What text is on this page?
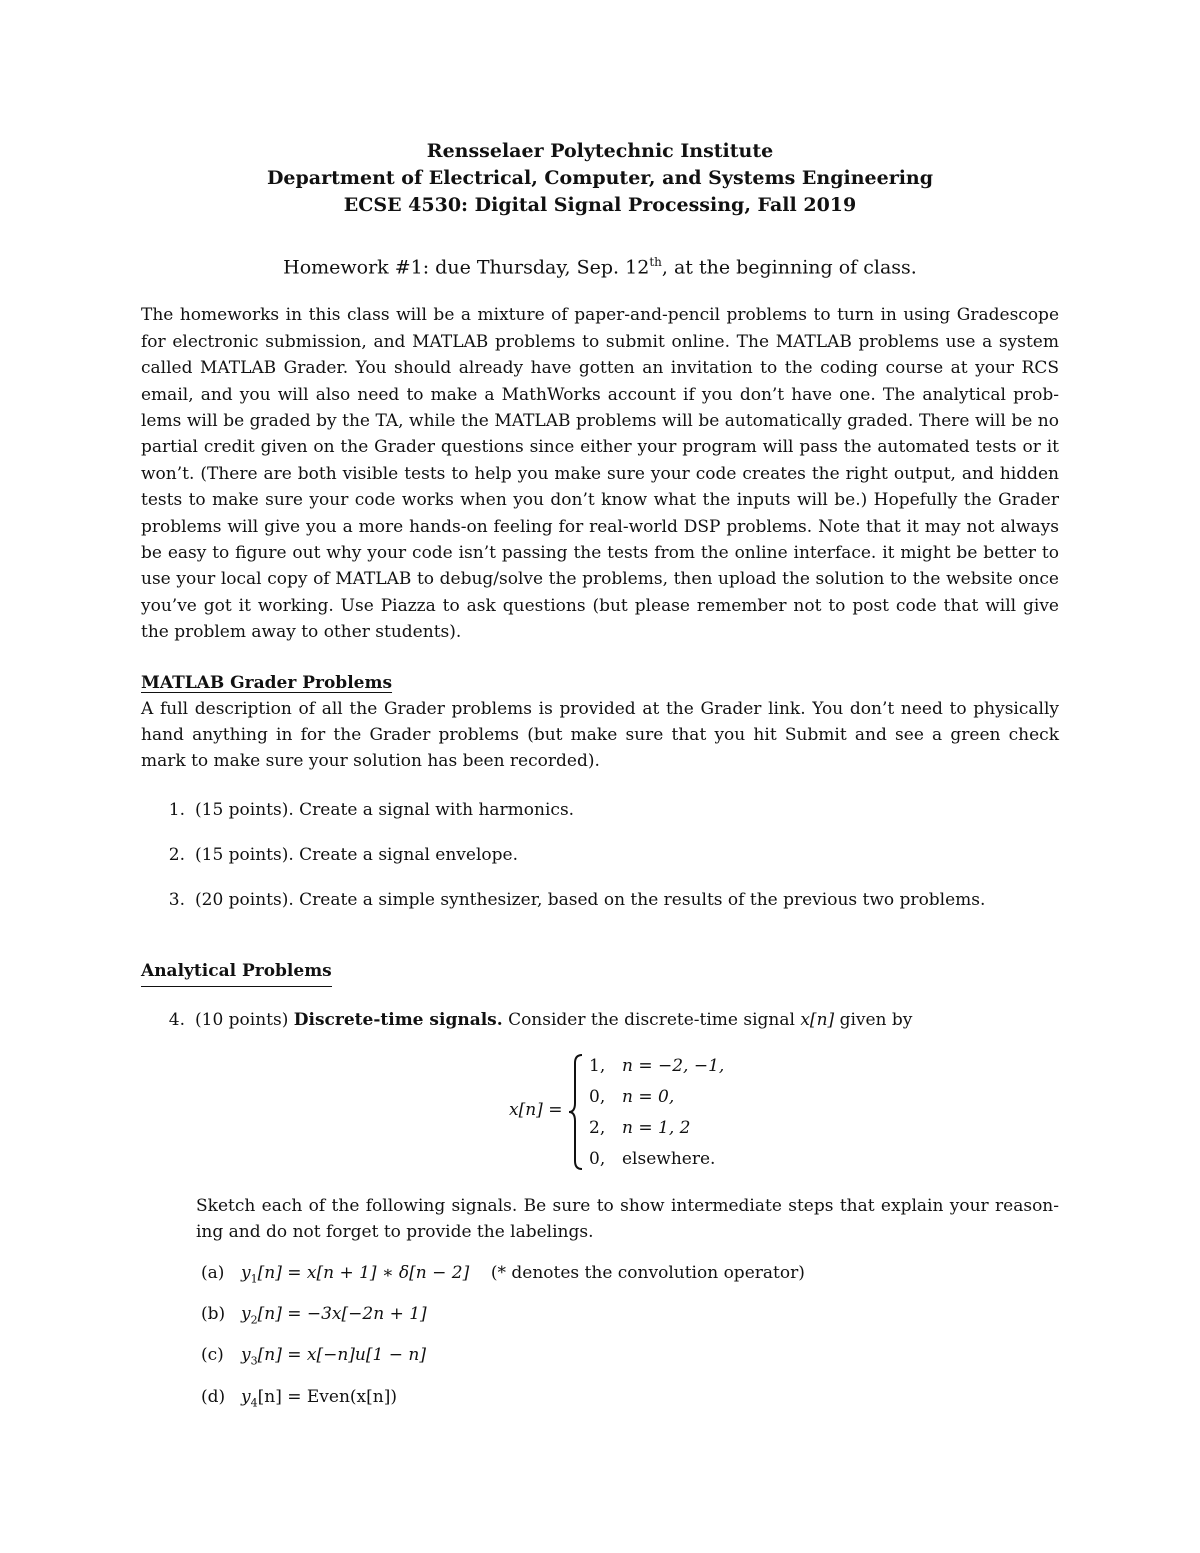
Rensselaer Polytechnic Institute
Department of Electrical, Computer, and Systems Engineering
ECSE 4530: Digital Signal Processing, Fall 2019
Homework #1: due Thursday, Sep. 12th, at the beginning of class.
The homeworks in this class will be a mixture of paper-and-pencil problems to turn in using Gradescope for electronic submission, and MATLAB problems to submit online. The MATLAB problems use a system called MATLAB Grader. You should already have gotten an invitation to the coding course at your RCS email, and you will also need to make a MathWorks account if you don’t have one. The analytical prob-lems will be graded by the TA, while the MATLAB problems will be automatically graded. There will be no partial credit given on the Grader questions since either your program will pass the automated tests or it won’t. (There are both visible tests to help you make sure your code creates the right output, and hidden tests to make sure your code works when you don’t know what the inputs will be.) Hopefully the Grader problems will give you a more hands-on feeling for real-world DSP problems. Note that it may not always be easy to figure out why your code isn’t passing the tests from the online interface. it might be better to use your local copy of MATLAB to debug/solve the problems, then upload the solution to the website once you’ve got it working. Use Piazza to ask questions (but please remember not to post code that will give the problem away to other students).
MATLAB Grader Problems
A full description of all the Grader problems is provided at the Grader link. You don’t need to physically hand anything in for the Grader problems (but make sure that you hit Submit and see a green check mark to make sure your solution has been recorded).
1. (15 points). Create a signal with harmonics.
2. (15 points). Create a signal envelope.
3. (20 points). Create a simple synthesizer, based on the results of the previous two problems.
Analytical Problems
4. (10 points) Discrete-time signals. Consider the discrete-time signal x[n] given by
x[n] =
1, n = −2, −1,
0, n = 0,
2, n = 1, 2
0, elsewhere.
Sketch each of the following signals. Be sure to show intermediate steps that explain your reason-ing and do not forget to provide the labelings.
(a) $y_1[n] = x[n + 1]$ ∗ δ[n − 2] (* denotes the convolution operator)
(b) $y_2[n] = -3x[-2n + 1]$
(c)	$y_3[n] = x[-n]u[1 - n]$
(d) $y_4[n]$ = Even(x[n])
